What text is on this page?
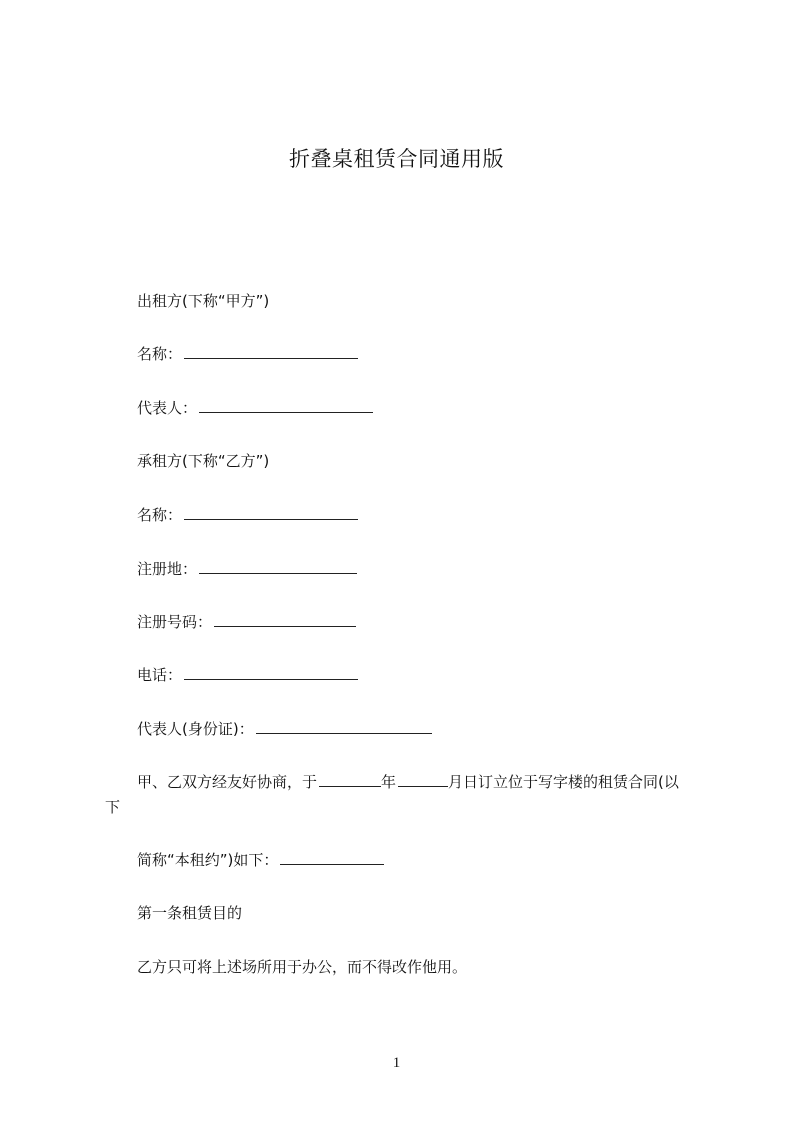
折叠桌租赁合同通用版
出租方(下称“甲方”)
名称：
代表人：
承租方(下称“乙方”)
名称：
注册地：
注册号码：
电话：
代表人(身份证)：
甲、乙双方经友好协商，于	年	月日订立位于写字楼的租赁合同(以
下
简称“本租约”)如下：
第一条租赁目的
乙方只可将上述场所用于办公，而不得改作他用。
1
